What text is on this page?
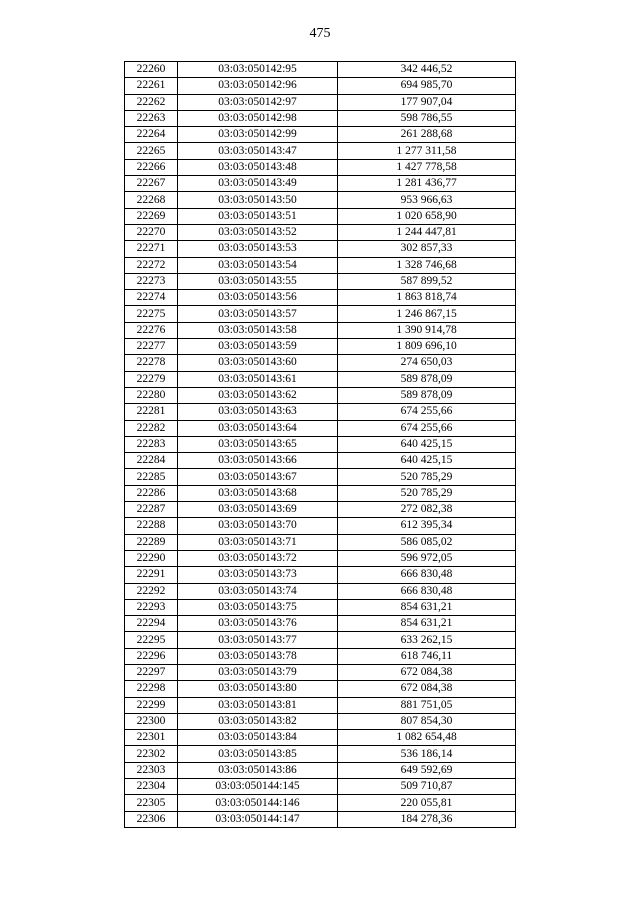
475
22260	03:03:050142:95	342 446,52
22261	03:03:050142:96	694 985,70
22262	03:03:050142:97	177 907,04
22263	03:03:050142:98	598 786,55
22264	03:03:050142:99	261 288,68
22265	03:03:050143:47	1 277 311,58
22266	03:03:050143:48	1 427 778,58
22267	03:03:050143:49	1 281 436,77
22268	03:03:050143:50	953 966,63
22269	03:03:050143:51	1 020 658,90
22270	03:03:050143:52	1 244 447,81
22271	03:03:050143:53	302 857,33
22272	03:03:050143:54	1 328 746,68
22273	03:03:050143:55	587 899,52
22274	03:03:050143:56	1 863 818,74
22275	03:03:050143:57	1 246 867,15
22276	03:03:050143:58	1 390 914,78
22277	03:03:050143:59	1 809 696,10
22278	03:03:050143:60	274 650,03
22279	03:03:050143:61	589 878,09
22280	03:03:050143:62	589 878,09
22281	03:03:050143:63	674 255,66
22282	03:03:050143:64	674 255,66
22283	03:03:050143:65	640 425,15
22284	03:03:050143:66	640 425,15
22285	03:03:050143:67	520 785,29
22286	03:03:050143:68	520 785,29
22287	03:03:050143:69	272 082,38
22288	03:03:050143:70	612 395,34
22289	03:03:050143:71	586 085,02
22290	03:03:050143:72	596 972,05
22291	03:03:050143:73	666 830,48
22292	03:03:050143:74	666 830,48
22293	03:03:050143:75	854 631,21
22294	03:03:050143:76	854 631,21
22295	03:03:050143:77	633 262,15
22296	03:03:050143:78	618 746,11
22297	03:03:050143:79	672 084,38
22298	03:03:050143:80	672 084,38
22299	03:03:050143:81	881 751,05
22300	03:03:050143:82	807 854,30
22301	03:03:050143:84	1 082 654,48
22302	03:03:050143:85	536 186,14
22303	03:03:050143:86	649 592,69
22304	03:03:050144:145	509 710,87
22305	03:03:050144:146	220 055,81
22306	03:03:050144:147	184 278,36
